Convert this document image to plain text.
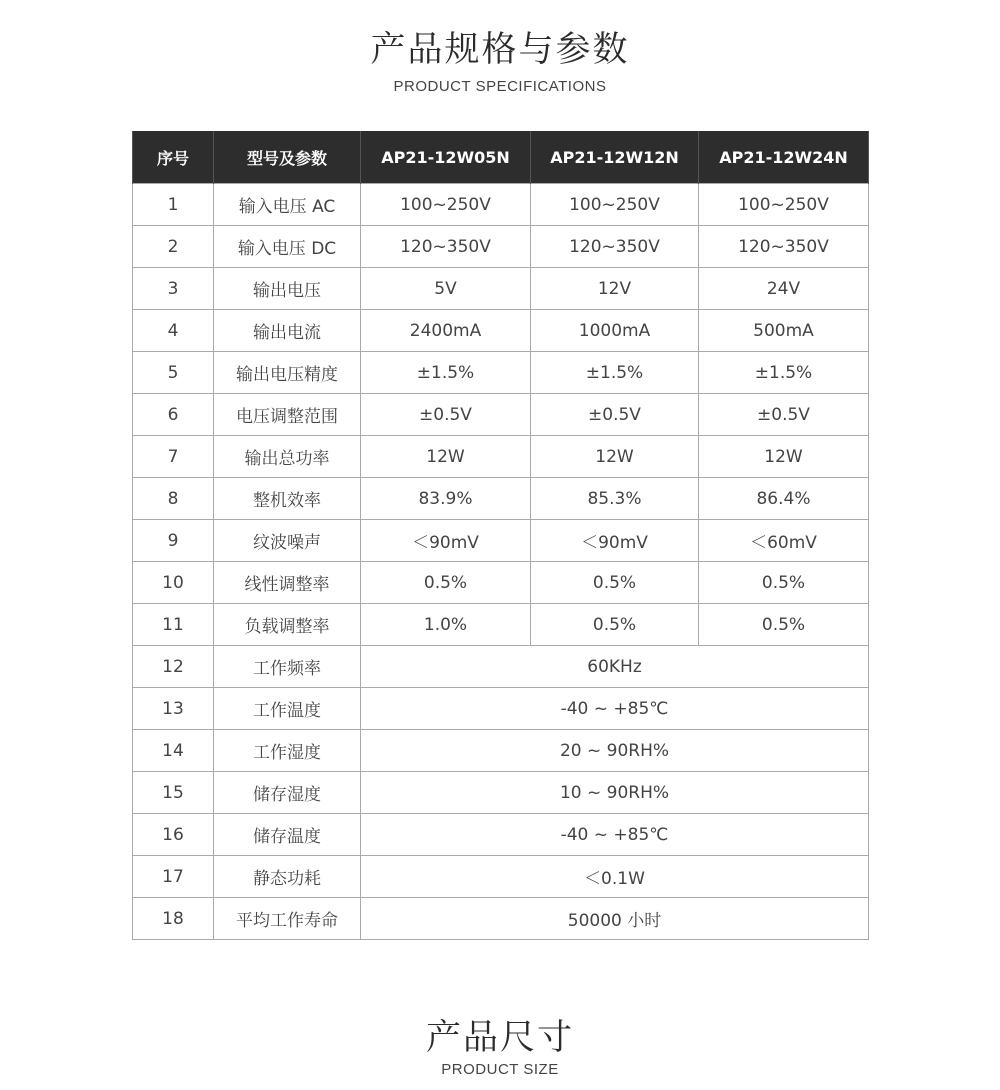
产品规格与参数
PRODUCT SPECIFICATIONS
序号	型号及参数	AP21-12W05N	AP21-12W12N	AP21-12W24N
1	输入电压 AC	100~250V	100~250V	100~250V
2	输入电压 DC	120~350V	120~350V	120~350V
3	输出电压	5V	12V	24V
4	输出电流	2400mA	1000mA	500mA
5	输出电压精度	±1.5%	±1.5%	±1.5%
6	电压调整范围	±0.5V	±0.5V	±0.5V
7	输出总功率	12W	12W	12W
8	整机效率	83.9%	85.3%	86.4%
9	纹波噪声	＜90mV	＜90mV	＜60mV
10	线性调整率	0.5%	0.5%	0.5%
11	负载调整率	1.0%	0.5%	0.5%
12	工作频率	60KHz		
13	工作温度	-40 ~ +85℃		
14	工作湿度	20 ~ 90RH%		
15	储存湿度	10 ~ 90RH%		
16	储存温度	-40 ~ +85℃		
17	静态功耗	＜0.1W		
18	平均工作寿命	50000 小时		
产品尺寸
PRODUCT SIZE
